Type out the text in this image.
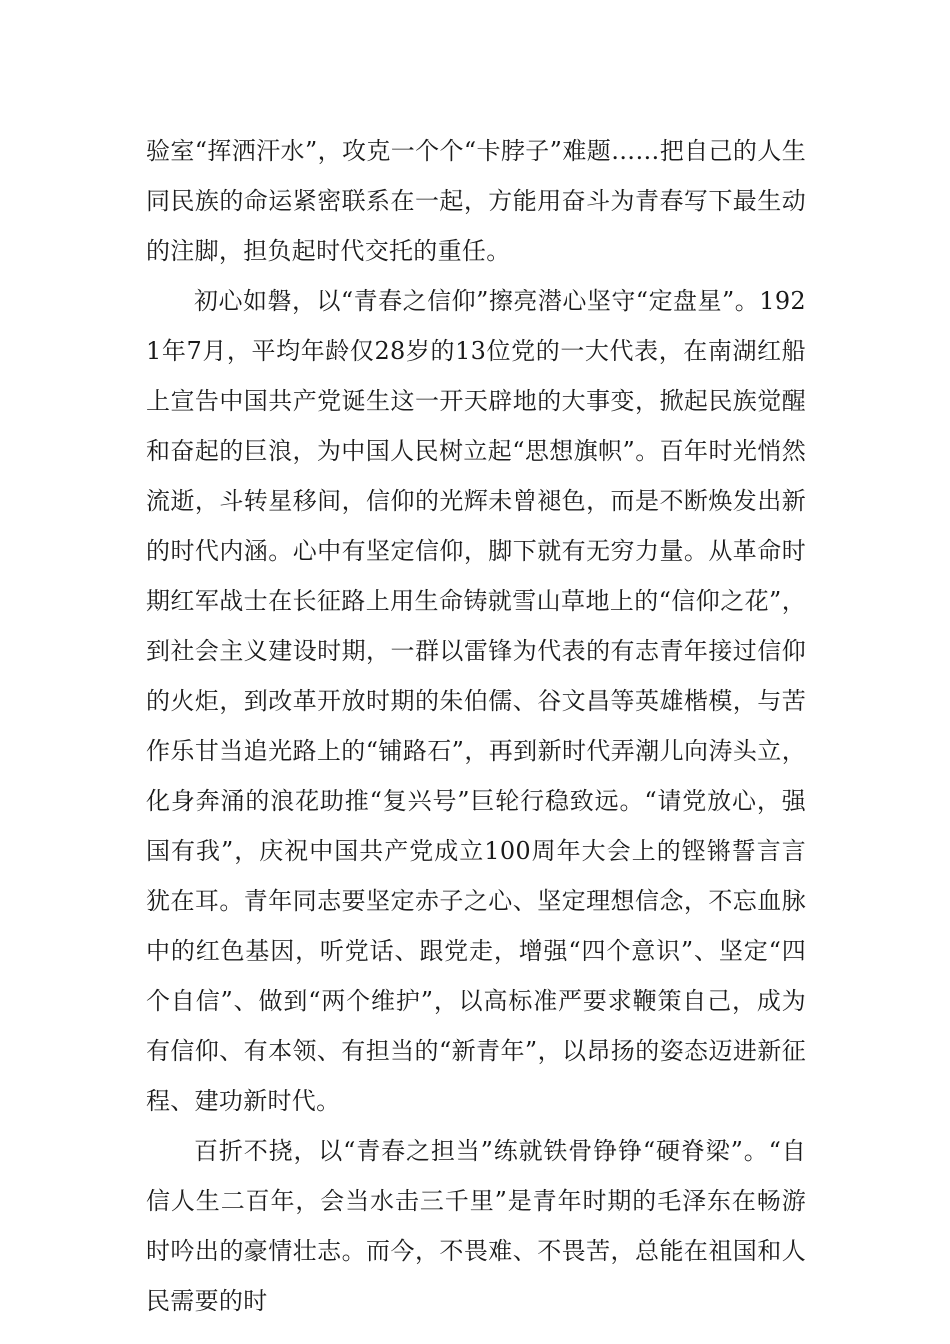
验室“挥洒汗水”，攻克一个个“卡脖子”难题……把自己的人生同民族的命运紧密联系在一起，方能用奋斗为青春写下最生动的注脚，担负起时代交托的重任。

初心如磐，以“青春之信仰”擦亮潜心坚守“定盘星”。1921年7月，平均年龄仅28岁的13位党的一大代表，在南湖红船上宣告中国共产党诞生这一开天辟地的大事变，掀起民族觉醒和奋起的巨浪，为中国人民树立起“思想旗帜”。百年时光悄然流逝，斗转星移间，信仰的光辉未曾褪色，而是不断焕发出新的时代内涵。心中有坚定信仰，脚下就有无穷力量。从革命时期红军战士在长征路上用生命铸就雪山草地上的“信仰之花”，到社会主义建设时期，一群以雷锋为代表的有志青年接过信仰的火炬，到改革开放时期的朱伯儒、谷文昌等英雄楷模，与苦作乐甘当追光路上的“铺路石”，再到新时代弄潮儿向涛头立，化身奔涌的浪花助推“复兴号”巨轮行稳致远。“请党放心，强国有我”，庆祝中国共产党成立100周年大会上的铿锵誓言言犹在耳。青年同志要坚定赤子之心、坚定理想信念，不忘血脉中的红色基因，听党话、跟党走，增强“四个意识”、坚定“四个自信”、做到“两个维护”，以高标准严要求鞭策自己，成为有信仰、有本领、有担当的“新青年”，以昂扬的姿态迈进新征程、建功新时代。

百折不挠，以“青春之担当”练就铁骨铮铮“硬脊梁”。“自信人生二百年，会当水击三千里”是青年时期的毛泽东在畅游时吟出的豪情壮志。而今，不畏难、不畏苦，总能在祖国和人民需要的时
